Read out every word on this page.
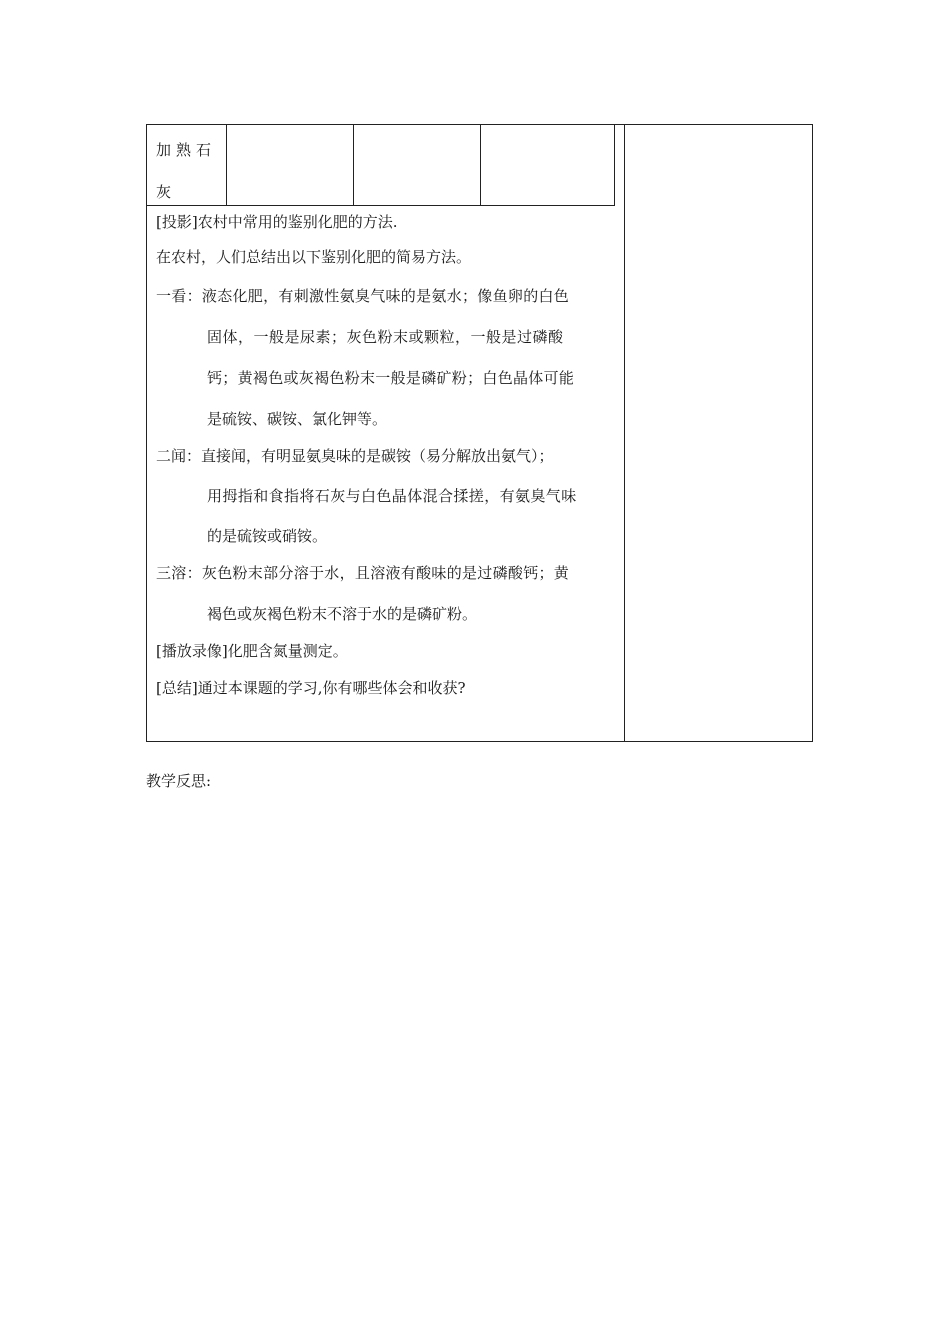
加熟石灰
[投影]农村中常用的鉴别化肥的方法.
在农村，人们总结出以下鉴别化肥的简易方法。
一看：液态化肥，有刺激性氨臭气味的是氨水；像鱼卵的白色
固体，一般是尿素；灰色粉末或颗粒，一般是过磷酸
钙；黄褐色或灰褐色粉末一般是磷矿粉；白色晶体可能
是硫铵、碳铵、氯化钾等。
二闻：直接闻，有明显氨臭味的是碳铵（易分解放出氨气）；
用拇指和食指将石灰与白色晶体混合揉搓，有氨臭气味
的是硫铵或硝铵。
三溶：灰色粉末部分溶于水，且溶液有酸味的是过磷酸钙；黄
褐色或灰褐色粉末不溶于水的是磷矿粉。
[播放录像]化肥含氮量测定。
[总结]通过本课题的学习,你有哪些体会和收获?
教学反思:
